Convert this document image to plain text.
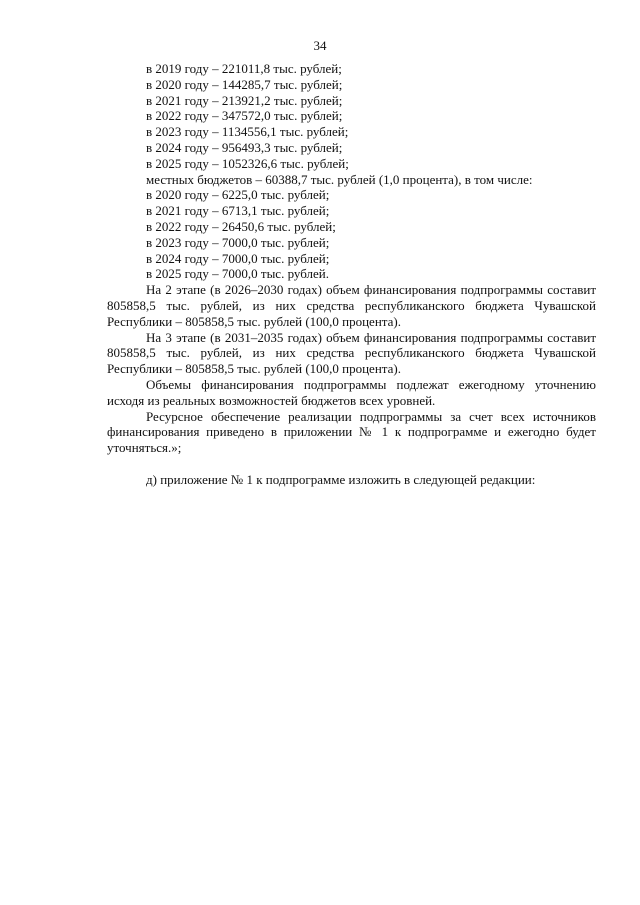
34
в 2019 году – 221011,8 тыс. рублей;
в 2020 году – 144285,7 тыс. рублей;
в 2021 году – 213921,2 тыс. рублей;
в 2022 году – 347572,0 тыс. рублей;
в 2023 году – 1134556,1 тыс. рублей;
в 2024 году – 956493,3 тыс. рублей;
в 2025 году – 1052326,6 тыс. рублей;
местных бюджетов – 60388,7 тыс. рублей (1,0 процента), в том числе:
в 2020 году – 6225,0 тыс. рублей;
в 2021 году – 6713,1 тыс. рублей;
в 2022 году – 26450,6 тыс. рублей;
в 2023 году – 7000,0 тыс. рублей;
в 2024 году – 7000,0 тыс. рублей;
в 2025 году – 7000,0 тыс. рублей.

На 2 этапе (в 2026–2030 годах) объем финансирования подпрограммы составит 805858,5 тыс. рублей, из них средства республиканского бюджета Чувашской Республики – 805858,5 тыс. рублей (100,0 процента).

На 3 этапе (в 2031–2035 годах) объем финансирования подпрограммы составит 805858,5 тыс. рублей, из них средства республиканского бюджета Чувашской Республики – 805858,5 тыс. рублей (100,0 процента).

Объемы финансирования подпрограммы подлежат ежегодному уточнению исходя из реальных возможностей бюджетов всех уровней.

Ресурсное обеспечение реализации подпрограммы за счет всех источников финансирования приведено в приложении № 1 к подпрограмме и ежегодно будет уточняться.»;

д) приложение № 1 к подпрограмме изложить в следующей редакции:
